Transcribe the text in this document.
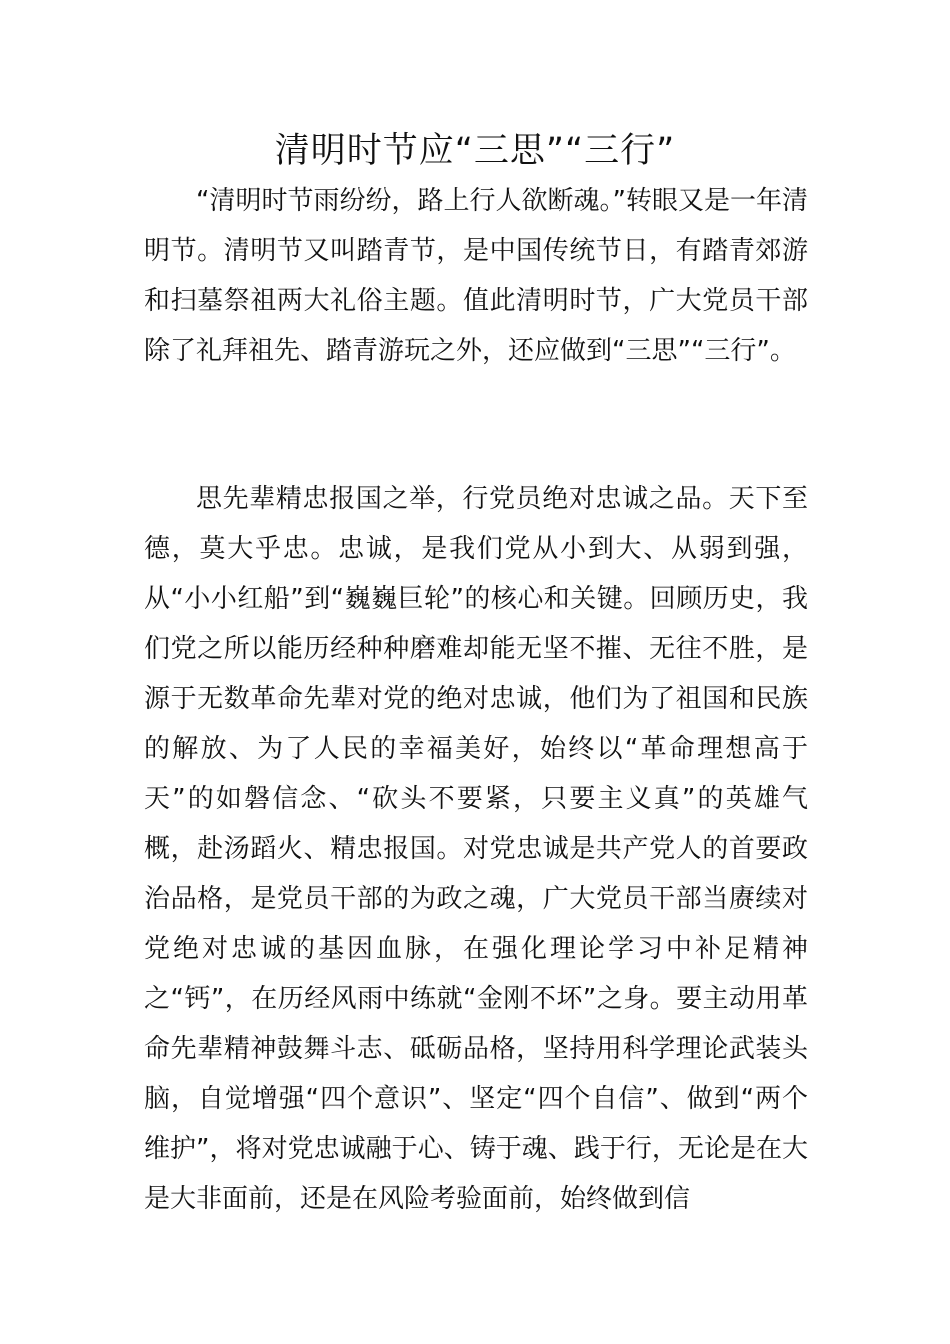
清明时节应“三思”“三行”

“清明时节雨纷纷，路上行人欲断魂。”转眼又是一年清明节。清明节又叫踏青节，是中国传统节日，有踏青郊游和扫墓祭祖两大礼俗主题。值此清明时节，广大党员干部除了礼拜祖先、踏青游玩之外，还应做到“三思”“三行”。

思先辈精忠报国之举，行党员绝对忠诚之品。天下至德，莫大乎忠。忠诚，是我们党从小到大、从弱到强，从“小小红船”到“巍巍巨轮”的核心和关键。回顾历史，我们党之所以能历经种种磨难却能无坚不摧、无往不胜，是源于无数革命先辈对党的绝对忠诚，他们为了祖国和民族的解放、为了人民的幸福美好，始终以“革命理想高于天”的如磐信念、“砍头不要紧，只要主义真”的英雄气概，赴汤蹈火、精忠报国。对党忠诚是共产党人的首要政治品格，是党员干部的为政之魂，广大党员干部当赓续对党绝对忠诚的基因血脉，在强化理论学习中补足精神之“钙”，在历经风雨中练就“金刚不坏”之身。要主动用革命先辈精神鼓舞斗志、砥砺品格，坚持用科学理论武装头脑，自觉增强“四个意识”、坚定“四个自信”、做到“两个维护”，将对党忠诚融于心、铸于魂、践于行，无论是在大是大非面前，还是在风险考验面前，始终做到信
